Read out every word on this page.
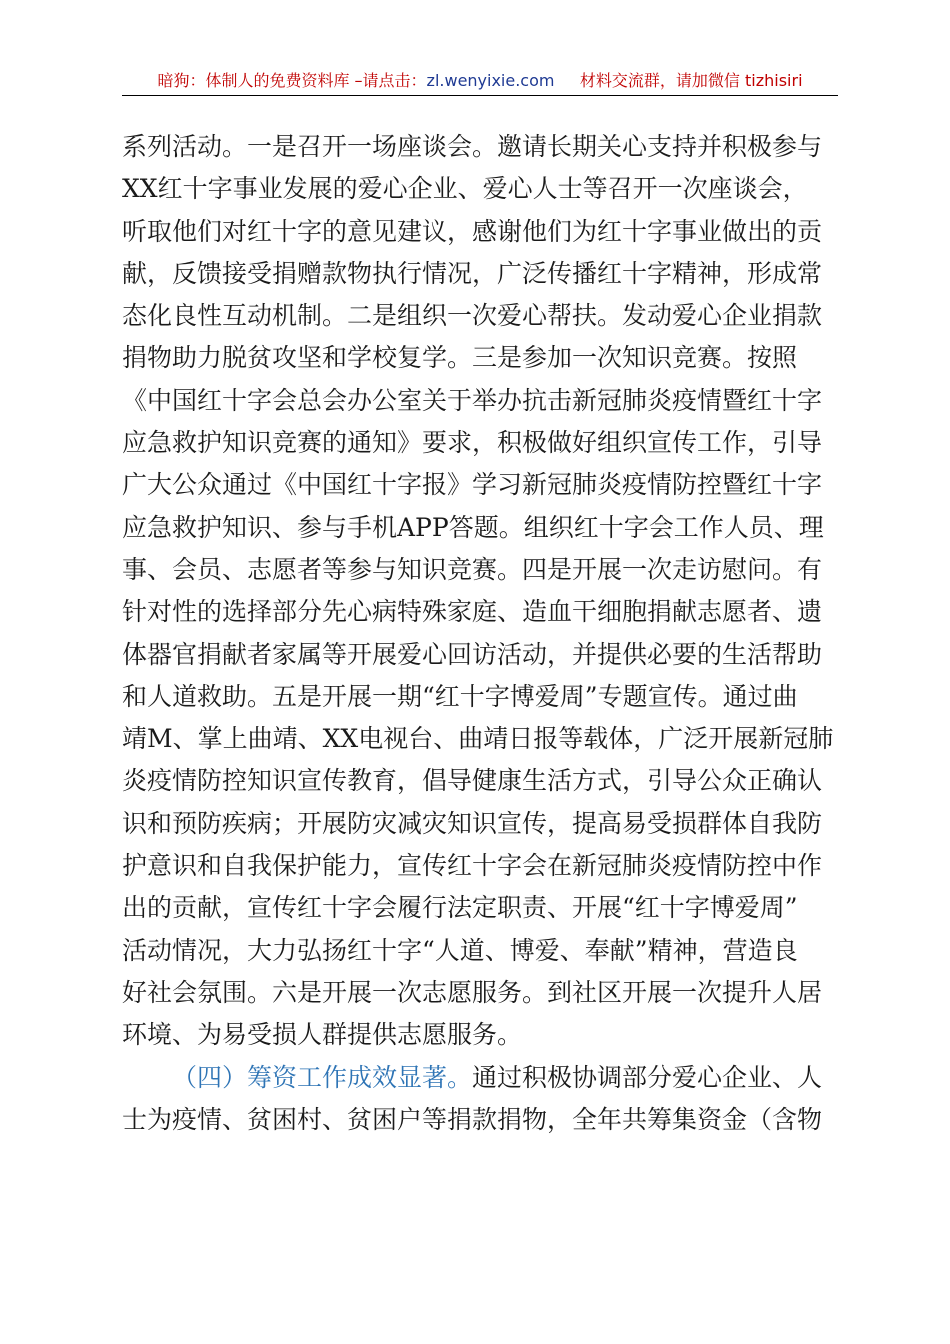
暗狗：体制人的免费资料库 –请点击：zl.wenyixie.com 材料交流群，请加微信 tizhisiri
系列活动。一是召开一场座谈会。邀请长期关心支持并积极参与
XX红十字事业发展的爱心企业、爱心人士等召开一次座谈会，
听取他们对红十字的意见建议，感谢他们为红十字事业做出的贡
献，反馈接受捐赠款物执行情况，广泛传播红十字精神，形成常
态化良性互动机制。二是组织一次爱心帮扶。发动爱心企业捐款
捐物助力脱贫攻坚和学校复学。三是参加一次知识竞赛。按照
《中国红十字会总会办公室关于举办抗击新冠肺炎疫情暨红十字
应急救护知识竞赛的通知》要求，积极做好组织宣传工作，引导
广大公众通过《中国红十字报》学习新冠肺炎疫情防控暨红十字
应急救护知识、参与手机APP答题。组织红十字会工作人员、理
事、会员、志愿者等参与知识竞赛。四是开展一次走访慰问。有
针对性的选择部分先心病特殊家庭、造血干细胞捐献志愿者、遗
体器官捐献者家属等开展爱心回访活动，并提供必要的生活帮助
和人道救助。五是开展一期“红十字博爱周”专题宣传。通过曲
靖M、掌上曲靖、XX电视台、曲靖日报等载体，广泛开展新冠肺
炎疫情防控知识宣传教育，倡导健康生活方式，引导公众正确认
识和预防疾病；开展防灾减灾知识宣传，提高易受损群体自我防
护意识和自我保护能力，宣传红十字会在新冠肺炎疫情防控中作
出的贡献，宣传红十字会履行法定职责、开展“红十字博爱周”
活动情况，大力弘扬红十字“人道、博爱、奉献”精神，营造良
好社会氛围。六是开展一次志愿服务。到社区开展一次提升人居
环境、为易受损人群提供志愿服务。
（四）筹资工作成效显著。通过积极协调部分爱心企业、人
士为疫情、贫困村、贫困户等捐款捐物，全年共筹集资金（含物
